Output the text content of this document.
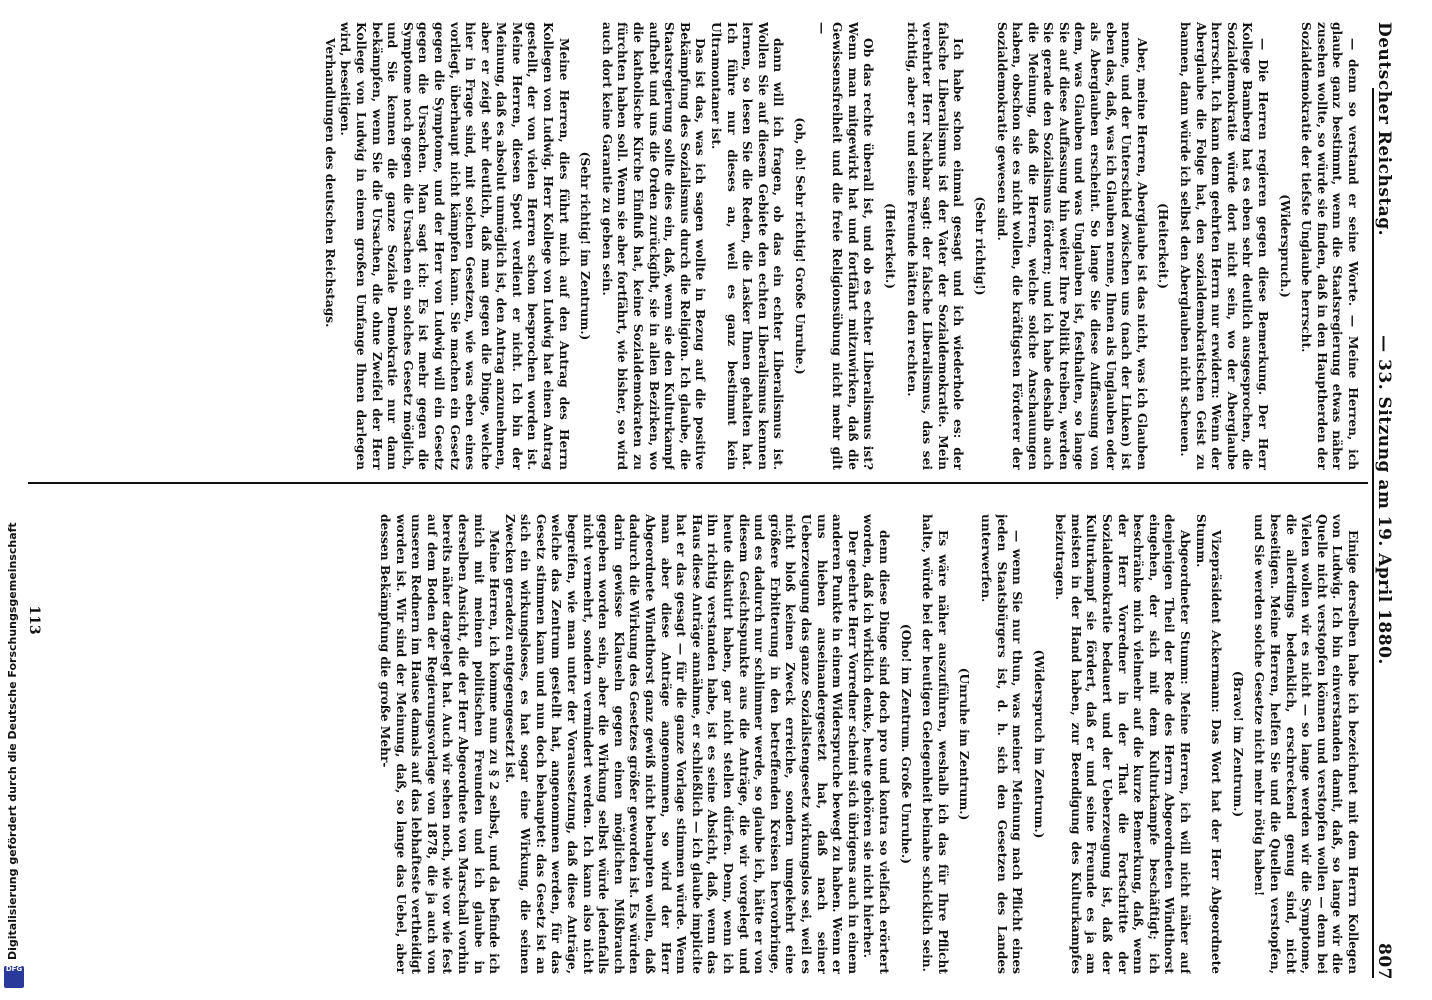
Deutscher Reichstag.
— 33. Sitzung am 19. April 1880.
807

— denn so verstand er seine Worte. — Meine Herren, ich glaube ganz bestimmt, wenn die Staatsregierung etwas näher zusehen wollte, so würde sie finden, daß in den Hauptherden der Sozialdemokratie der tiefste Unglaube herrscht.

(Widerspruch.)

— Die Herren regieren gegen diese Bemerkung. Der Herr Kollege Bamberg hat es eben sehr deutlich ausgesprochen, die Sozialdemokratie würde dort nicht sein, wo der Aberglaube herrscht. Ich kann dem geehrten Herrn nur erwidern: Wenn der Aberglaube die Folge hat, den sozialdemokratischen Geist zu bannen, dann würde ich selbst den Aberglauben nicht scheuen.

(Heiterkeit.)

Aber, meine Herren, Aberglaube ist das nicht, was ich Glauben nenne, und der Unterschied zwischen uns (nach der Linken) ist eben das, daß, was ich Glauben nenne, Ihnen als Unglauben oder als Aberglauben erscheint. So lange Sie diese Auffassung von dem, was Glauben und was Unglauben ist, festhalten, so lange Sie auf diese Auffassung hin weiter Ihre Politik treiben, werden Sie gerade den Sozialismus fördern; und ich habe deshalb auch die Meinung, daß die Herren, welche solche Anschauungen haben, obschon sie es nicht wollen, die kräftigsten Förderer der Sozialdemokratie gewesen sind.

(Sehr richtig!)

Ich habe schon einmal gesagt und ich wiederhole es: der falsche Liberalismus ist der Vater der Sozialdemokratie. Mein verehrter Herr Nachbar sagt: der falsche Liberalismus, das sei richtig, aber er und seine Freunde hätten den rechten.

(Heiterkeit.)

Ob das rechte überall ist, und ob es echter Liberalismus ist? Wenn man mitgewirkt hat und fortfährt mitzuwirken, daß die Gewissensfreiheit und die freie Religionsübung nicht mehr gilt —

(oh, oh! Sehr richtig! Große Unruhe.)

dann will ich fragen, ob das ein echter Liberalismus ist. Wollen Sie auf diesem Gebiete den echten Liberalismus kennen lernen, so lesen Sie die Reden, die Lasker Ihnen gehalten hat. Ich führe nur dieses an, weil es ganz bestimmt kein Ultramontaner ist.

Das ist das, was ich sagen wollte in Bezug auf die positive Bekämpfung des Sozialismus durch die Religion. Ich glaube, die Staatsregierung sollte dies ein, daß, wenn sie den Kulturkampf aufhebt und uns die Orden zurückgibt, sie in allen Bezirken, wo die katholische Kirche Einfluß hat, keine Sozialdemokraten zu fürchten haben soll. Wenn sie aber fortfährt, wie bisher, so wird auch dort keine Garantie zu geben sein.

(Sehr richtig! im Zentrum.)

Meine Herren, dies führt mich auf den Antrag des Herrn Kollegen von Ludwig. Herr Kollege von Ludwig hat einen Antrag gestellt, der von vielen Herren schon besprochen worden ist. Meine Herren, diesen Spott verdient er nicht. Ich bin der Meinung, daß es absolut unmöglich ist, den Antrag anzunehmen, aber er zeigt sehr deutlich, daß man gegen die Dinge, welche hier in Frage sind, mit solchen Gesetzen, wie was eben eines vorliegt, überhaupt nicht kämpfen kann. Sie machen ein Gesetz gegen die Symptome, und der Herr von Ludwig will ein Gesetz gegen die Ursachen. Man sagt ich: Es ist mehr gegen die Symptome noch gegen die Ursachen ein solches Gesetz möglich, und Sie kennen die ganze Soziale Demokratie nur dann bekämpfen, wenn Sie die Ursachen, die ohne Zweifel der Herr Kollege von Ludwig in einem großen Umfange Ihnen darlegen wird, beseitigen.

Verhandlungen des deutschen Reichstags.

Einige derselben habe ich bezeichnet mit dem Herrn Kollegen von Ludwig. Ich bin einverstanden damit, daß, so lange wir die Quelle nicht verstopfen können und verstopfen wollen — denn bei Vielen wollen wir es nicht — so lange werden wir die Symptome, die allerdings bedenklich, erschreckend genug sind, nicht beseitigen. Meine Herren, helfen Sie und die Quellen verstopfen, und Sie werden solche Gesetze nicht mehr nötig haben!

(Bravo! im Zentrum.)

Vizepräsident Ackermann: Das Wort hat der Herr Abgeordnete Stumm.

Abgeordneter Stumm: Meine Herren, ich will nicht näher auf denjenigen Theil der Rede des Herrn Abgeordneten Windthorst eingehen, der sich mit dem Kulturkampfe beschäftigt; ich beschränke mich vielmehr auf die kurze Bemerkung, daß, wenn der Herr Vorredner in der That die Fortschritte der Sozialdemokratie bedauert und der Ueberzeugung ist, daß der Kulturkampf sie fördert, daß er und seine Freunde es ja am meisten in der Hand haben, zur Beendigung des Kulturkampfes beizutragen.

(Widerspruch im Zentrum.)

— wenn Sie nur thun, was meiner Meinung nach Pflicht eines jeden Staatsbürgers ist, d. h. sich den Gesetzen des Landes unterwerfen.

(Unruhe im Zentrum.)

Es wäre näher auszuführen, weshalb ich das für Ihre Pflicht halte, würde bei der heutigen Gelegenheit beinahe schicklich sein.

(Oho! im Zentrum. Große Unruhe.)

denn diese Dinge sind doch pro und kontra so vielfach erörtert worden, daß ich wirklich denke, heute gehören sie nicht hierher.

Der geehrte Herr Vorredner scheint sich übrigens auch in einem anderen Punkte in einem Widerspruche bewegt zu haben. Wenn er uns hieben auseinandergesetzt hat, daß nach seiner Ueberzeugung das ganze Sozialistengesetz wirkungslos sei, weil es nicht bloß keinen Zweck erreiche, sondern umgekehrt eine größere Erbitterung in den betreffenden Kreisen hervorbringe, und es dadurch nur schlimmer werde, so glaube ich, hätte er von diesem Gesichtspunkte aus die Anträge, die wir vorgelegt und heute diskutirt haben, gar nicht stellen dürfen. Denn, wenn ich ihn richtig verstanden habe, ist es seine Absicht, daß, wenn das Haus diese Anträge annähme, er schließlich — ich glaube implicite hat er das gesagt — für die ganze Vorlage stimmen würde. Wenn man aber diese Anträge angenommen, so wird der Herr Abgeordnete Windthorst ganz gewiß nicht behaupten wollen, daß dadurch die Wirkung des Gesetzes größer geworden ist. Es würden darin gewisse Klauseln gegen einen möglichen Mißbrauch gegeben worden sein, aber die Wirkung selbst würde jedenfalls nicht vermehrt, sondern vermindert werden. Ich kann also nicht begreifen, wie man unter der Voraussetzung, daß diese Anträge, welche das Zentrum gestellt hat, angenommen werden, für das Gesetz stimmen kann und nun doch behauptet: das Gesetz ist an sich ein wirkungsloses, es hat sogar eine Wirkung, die seinen Zwecken geradezu entgegengesetzt ist.

Meine Herren, ich komme nun zu § 2 selbst, und da befinde ich mich mit meinen politischen Freunden und ich glaube in derselben Ansicht, die der Herr Abgeordnete von Marschall vorhin bereits näher dargelegt hat. Auch wir sehen noch, wie vor wie fest auf dem Boden der Regierungsvorlage von 1878, die ja auch von unseren Rednern im Hause damals auf das lebhafteste vertheidigt worden ist. Wir sind der Meinung, daß, so lange das Uebel, aber dessen Bekämpfung die große Mehr-

113
Digitalisierung gefördert durch die Deutsche Forschungsgemeinschaft
DFG
